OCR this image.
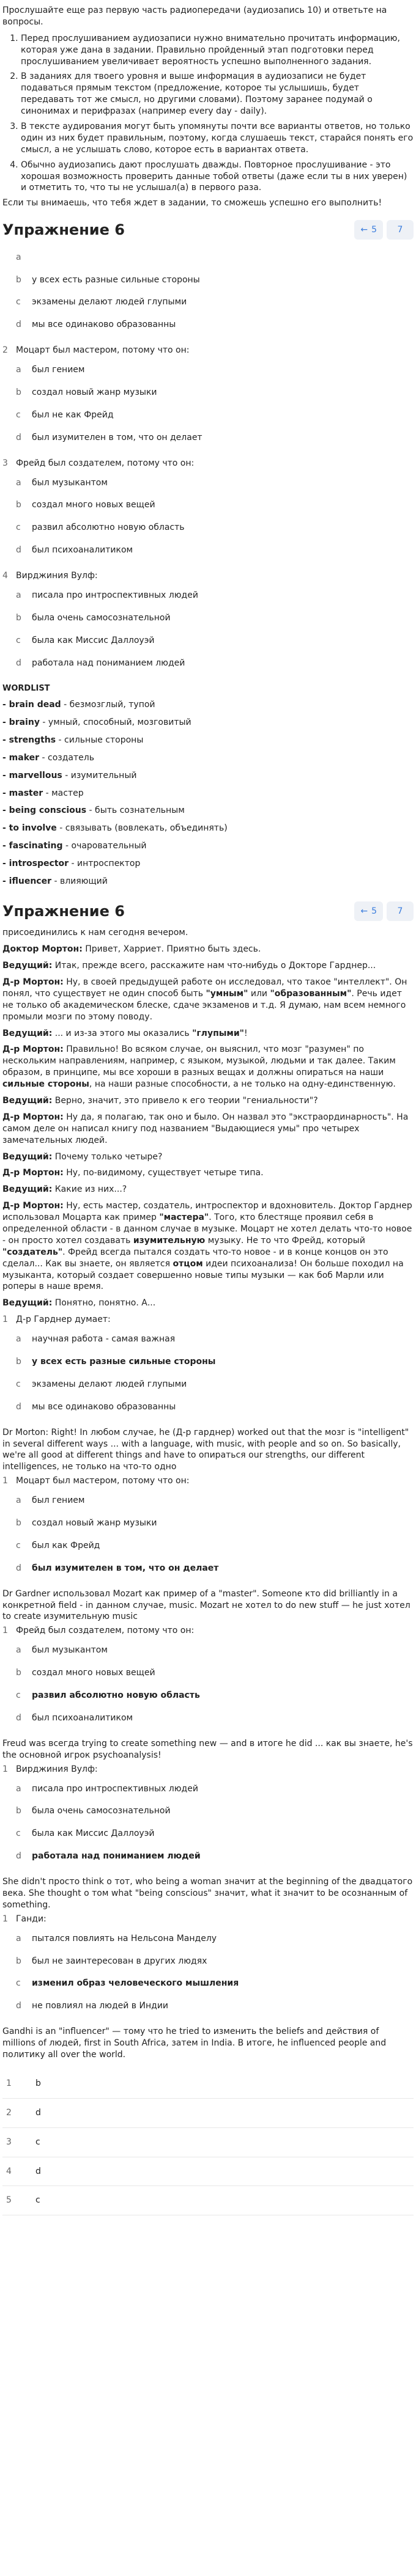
Прослушайте еще раз первую часть радиопередачи (аудиозапись 10) и ответьте на вопросы.

1. Перед прослушиванием аудиозаписи нужно внимательно прочитать информацию, которая уже дана в задании. Правильно пройденный этап подготовки перед прослушиванием увеличивает вероятность успешно выполненного задания.
2. В заданиях для твоего уровня и выше информация в аудиозаписи не будет подаваться прямым текстом (предложение, которое ты услышишь, будет передавать тот же смысл, но другими словами). Поэтому заранее подумай о синонимах и перифразах (например every day - daily).
3. В тексте аудирования могут быть упомянуты почти все варианты ответов, но только один из них будет правильным, поэтому, когда слушаешь текст, старайся понять его смысл, а не услышать слово, которое есть в вариантах ответа.
4. Обычно аудиозапись дают прослушать дважды. Повторное прослушивание - это хорошая возможность проверить данные тобой ответы (даже если ты в них уверен) и отметить то, что ты не услышал(а) в первого раза.

Если ты внимаешь, что тебя ждет в задании, то сможешь успешно его выполнить!

Упражнение 6	← 5 7
a
b у всех есть разные сильные стороны
c	экзамены делают людей глупыми
d мы все одинаково образованны
2 Моцарт был мастером, потому что он:
a был гением
b создал новый жанр музыки
c	был не как Фрейд
d был изумителен в том, что он делает
3 Фрейд был создателем, потому что он:
a был музыкантом
b создал много новых вещей
c	развил абсолютно новую область
d был психоаналитиком
4 Вирджиния Вулф:
a писала про интроспективных людей
b была очень самосознательной
c	была как Миссис Даллоуэй
d работала над пониманием людей
WORDLIST
- brain dead - безмозглый, тупой
- brainy - умный, способный, мозговитый
- strengths - сильные стороны
- maker - создатель
- marvellous - изумительный
- master - мастер
- being conscious - быть сознательным
- to involve - связывать (вовлекать, объединять)
- fascinating - очаровательный
- introspector - интроспектор
- ifluencer - влияющий
Упражнение 6	← 5 7

присоединились к нам сегодня вечером.

Доктор Мортон: Привет, Харриет. Приятно быть здесь.

Ведущий: Итак, прежде всего, расскажите нам что-нибудь о Докторе Гарднер...

Д-р Мортон: Ну, в своей предыдущей работе он исследовал, что такое "интеллект". Он понял, что существует не один способ быть "умным" или "образованным". Речь идет не только об академическом блеске, сдаче экзаменов и т.д. Я думаю, нам всем немного промыли мозги по этому поводу.

Ведущий: ... и из-за этого мы оказались "глупыми"!

Д-р Мортон: Правильно! Во всяком случае, он выяснил, что мозг "разумен" по нескольким направлениям, например, с языком, музыкой, людьми и так далее. Таким образом, в принципе, мы все хороши в разных вещах и должны опираться на наши сильные стороны, на наши разные способности, а не только на одну-единственную.

Ведущий: Верно, значит, это привело к его теории "гениальности"?

Д-р Мортон: Ну да, я полагаю, так оно и было. Он назвал это "экстраординарность". На самом деле он написал книгу под названием "Выдающиеся умы" про четырех замечательных людей.

Ведущий: Почему только четыре?

Д-р Мортон: Ну, по-видимому, существует четыре типа.

Ведущий: Какие из них...?

Д-р Мортон: Ну, есть мастер, создатель, интроспектор и вдохновитель. Доктор Гарднер использовал Моцарта как пример "мастера". Того, кто блестяще проявил себя в определенной области - в данном случае в музыке. Моцарт не хотел делать что-то новое - он просто хотел создавать изумительную музыку. Не то что Фрейд, который "создатель". Фрейд всегда пытался создать что-то новое - и в конце концов он это сделал... Как вы знаете, он является отцом идеи психоанализа! Он больше походил на музыканта, который создает совершенно новые типы музыки — как боб Марли или роперы в наше время.

Ведущий: Понятно, понятно. А...

1 Д-р Гарднер думает:
a научная работа - самая важная
b у всех есть разные сильные стороны
c	экзамены делают людей глупыми
d мы все одинаково образованны

Dr Morton: Right! In любом случае, he (Д-р гарднер) worked out that the мозг is "intelligent" in several different ways ... with a language, with music, with people and so on. So basically, we're all good at different things and have to опираться our strengths, our different intelligences, не только на что-то одно

1 Моцарт был мастером, потому что он:
a был гением
b создал новый жанр музыки
c	был как Фрейд
d был изумителен в том, что он делает

Dr Gardner использовал Mozart как пример of a "master". Someone кто did brilliantly in a конкретной field - in данном случае, music. Mozart не хотел to do new stuff — he just хотел to create изумительную music

1 Фрейд был создателем, потому что он:
a был музыкантом
b создал много новых вещей
c	развил абсолютно новую область
d был психоаналитиком

Freud was всегда trying to create something new — and в итоге he did ... как вы знаете, he's the основной игрок psychoanalysis!

1 Вирджиния Вулф:
a писала про интроспективных людей
b была очень самосознательной
c	была как Миссис Даллоуэй
d работала над пониманием людей

She didn't просто think о тот, who being a woman значит at the beginning of the двадцатого века. She thought о том what "being conscious" значит, what it значит to be осознанным of something.

1 Ганди:
a пытался повлиять на Нельсона Манделу
b был не заинтересован в других людях
c	изменил образ человеческого мышления
d не повлиял на людей в Индии

Gandhi is an "influencer" — тому что he tried to изменить the beliefs and действия of millions of людей, first in South Africa, затем in India. В итоге, he influenced people and политику all over the world.

1	b
2	d
3	c
4	d
5	c
